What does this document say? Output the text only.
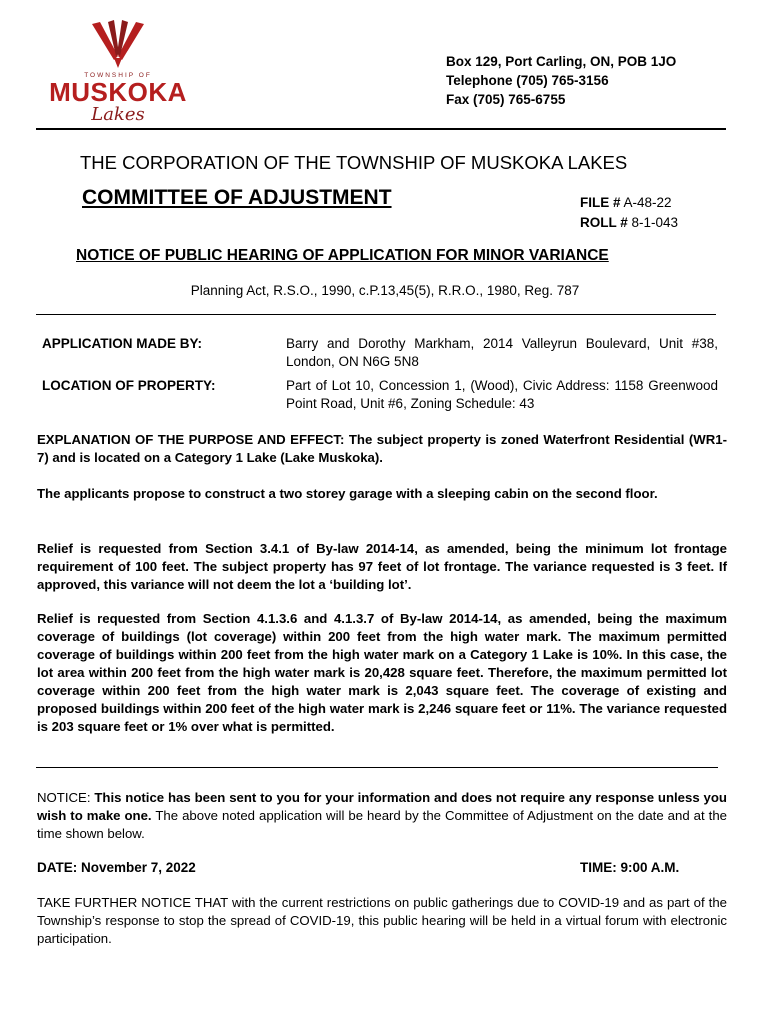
TOWNSHIP OF
MUSKOKA
Lakes
Box 129, Port Carling, ON, POB 1JO
Telephone (705) 765-3156
Fax (705) 765-6755
THE CORPORATION OF THE TOWNSHIP OF MUSKOKA LAKES
COMMITTEE OF ADJUSTMENT	FILE # A-48-22
ROLL # 8-1-043
NOTICE OF PUBLIC HEARING OF APPLICATION FOR MINOR VARIANCE
Planning Act, R.S.O., 1990, c.P.13,45(5), R.R.O., 1980, Reg. 787
APPLICATION MADE BY:	Barry and Dorothy Markham, 2014 Valleyrun Boulevard, Unit #38, London, ON N6G 5N8
LOCATION OF PROPERTY:	Part of Lot 10, Concession 1, (Wood), Civic Address: 1158 Greenwood Point Road, Unit #6, Zoning Schedule: 43
EXPLANATION OF THE PURPOSE AND EFFECT: The subject property is zoned Waterfront Residential (WR1-7) and is located on a Category 1 Lake (Lake Muskoka).
The applicants propose to construct a two storey garage with a sleeping cabin on the second floor.
Relief is requested from Section 3.4.1 of By-law 2014-14, as amended, being the minimum lot frontage requirement of 100 feet. The subject property has 97 feet of lot frontage. The variance requested is 3 feet. If approved, this variance will not deem the lot a ‘building lot’.
Relief is requested from Section 4.1.3.6 and 4.1.3.7 of By-law 2014-14, as amended, being the maximum coverage of buildings (lot coverage) within 200 feet from the high water mark. The maximum permitted coverage of buildings within 200 feet from the high water mark on a Category 1 Lake is 10%. In this case, the lot area within 200 feet from the high water mark is 20,428 square feet. Therefore, the maximum permitted lot coverage within 200 feet from the high water mark is 2,043 square feet. The coverage of existing and proposed buildings within 200 feet of the high water mark is 2,246 square feet or 11%. The variance requested is 203 square feet or 1% over what is permitted.
NOTICE: This notice has been sent to you for your information and does not require any response unless you wish to make one. The above noted application will be heard by the Committee of Adjustment on the date and at the time shown below.
DATE: November 7, 2022	TIME: 9:00 A.M.
TAKE FURTHER NOTICE THAT with the current restrictions on public gatherings due to COVID-19 and as part of the Township’s response to stop the spread of COVID-19, this public hearing will be held in a virtual forum with electronic participation.
